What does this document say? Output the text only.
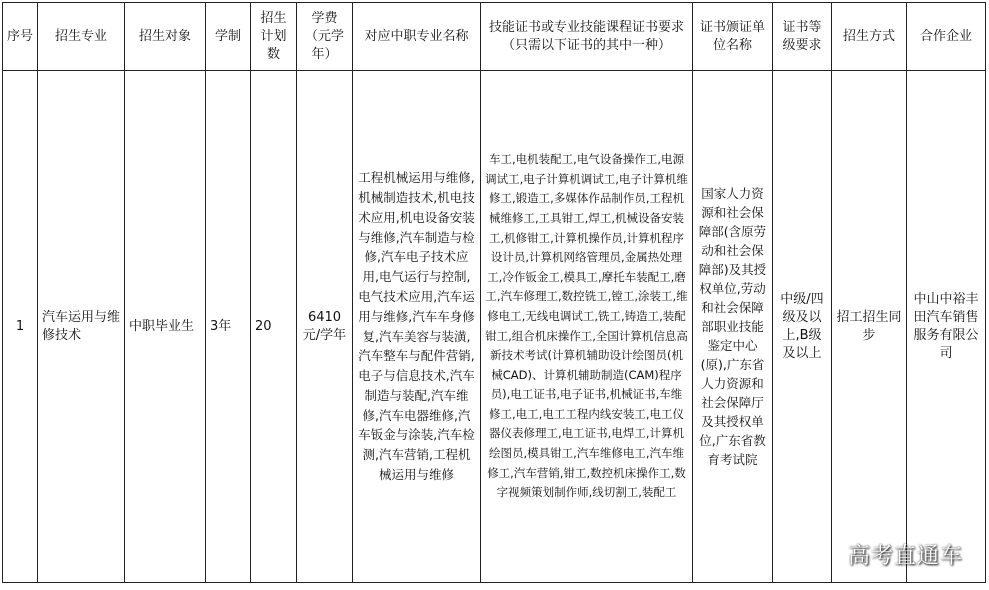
序号	招生专业	招生对象	学制	招生计划数	学费（元学年）	对应中职专业名称	技能证书或专业技能课程证书要求（只需以下证书的其中一种）	证书颁证单位名称	证书等级要求	招生方式	合作企业
1	汽车运用与维修技术	中职毕业生	3年	20	6410元/学年	工程机械运用与维修,机械制造技术,机电技术应用,机电设备安装与维修,汽车制造与检修,汽车电子技术应用,电气运行与控制,电气技术应用,汽车运用与维修,汽车车身修复,汽车美容与装潢,汽车整车与配件营销,电子与信息技术,汽车制造与装配,汽车维修,汽车电器维修,汽车钣金与涂装,汽车检测,汽车营销,工程机械运用与维修	车工,电机装配工,电气设备操作工,电源调试工,电子计算机调试工,电子计算机维修工,锻造工,多媒体作品制作员,工程机械维修工,工具钳工,焊工,机械设备安装工,机修钳工,计算机操作员,计算机程序设计员,计算机网络管理员,金属热处理工,冷作钣金工,模具工,摩托车装配工,磨工,汽车修理工,数控铣工,镗工,涂装工,维修电工,无线电调试工,铣工,铸造工,装配钳工,组合机床操作工,全国计算机信息高新技术考试(计算机辅助设计绘图员(机械CAD)、计算机辅助制造(CAM)程序员),电工证书,电子证书,机械证书,车维修工,电工,电工工程内线安装工,电工仪器仪表修理工,电工证书,电焊工,计算机绘图员,模具钳工,汽车维修电工,汽车维修工,汽车营销,钳工,数控机床操作工,数字视频策划制作师,线切割工,装配工	国家人力资源和社会保障部(含原劳动和社会保障部)及其授权单位,劳动和社会保障部职业技能鉴定中心(原),广东省人力资源和社会保障厅及其授权单位,广东省教育考试院	中级/四级及以上,B级及以上	招工招生同步	中山中裕丰田汽车销售服务有限公司
高考直通车
